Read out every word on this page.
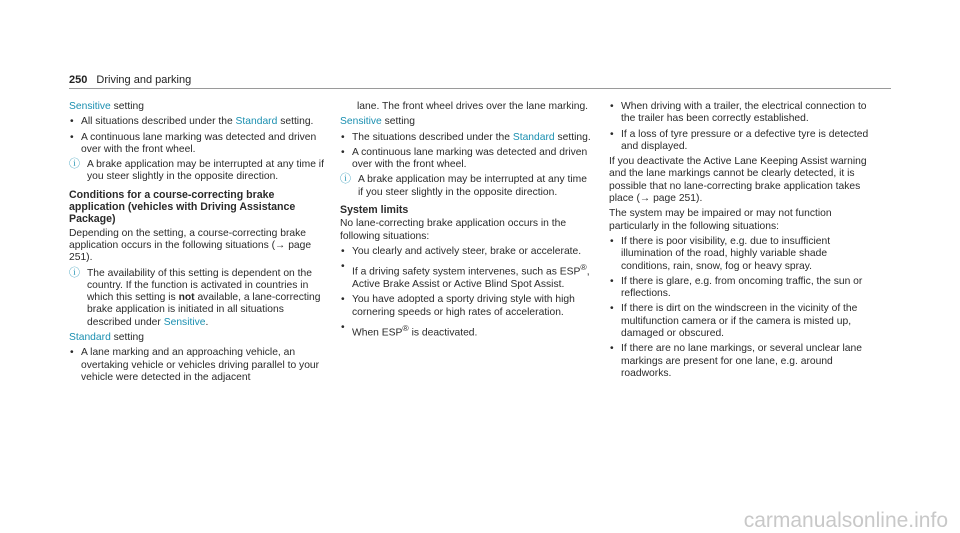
250 Driving and parking

Sensitive setting

• All situations described under the Standard setting.
• A continuous lane marking was detected and driven over with the front wheel.
ⓘ A brake application may be interrupted at any time if you steer slightly in the opposite direction.
Conditions for a course-correcting brake application (vehicles with Driving Assistance Package)

Depending on the setting, a course-correcting brake application occurs in the following situations (→ page 251).

ⓘ The availability of this setting is dependent on the country. If the function is activated in countries in which this setting is not available, a lane-correcting brake application is initiated in all situations described under Sensitive.

Standard setting

• A lane marking and an approaching vehicle, an overtaking vehicle or vehicles driving parallel to your vehicle were detected in the adjacent

lane. The front wheel drives over the lane marking.

Sensitive setting

• The situations described under the Standard setting.
• A continuous lane marking was detected and driven over with the front wheel.
ⓘ A brake application may be interrupted at any time if you steer slightly in the opposite direction.
System limits

No lane-correcting brake application occurs in the following situations:

• You clearly and actively steer, brake or accelerate.
• If a driving safety system intervenes, such as ESP®, Active Brake Assist or Active Blind Spot Assist.
• You have adopted a sporty driving style with high cornering speeds or high rates of acceleration.
• When ESP® is deactivated.
• When driving with a trailer, the electrical connection to the trailer has been correctly established.
• If a loss of tyre pressure or a defective tyre is detected and displayed.

If you deactivate the Active Lane Keeping Assist warning and the lane markings cannot be clearly detected, it is possible that no lane-correcting brake application takes place (→ page 251).

The system may be impaired or may not function particularly in the following situations:

• If there is poor visibility, e.g. due to insufficient illumination of the road, highly variable shade conditions, rain, snow, fog or heavy spray.
• If there is glare, e.g. from oncoming traffic, the sun or reflections.
• If there is dirt on the windscreen in the vicinity of the multifunction camera or if the camera is misted up, damaged or obscured.
• If there are no lane markings, or several unclear lane markings are present for one lane, e.g. around roadworks.
carmanualsonline.info
